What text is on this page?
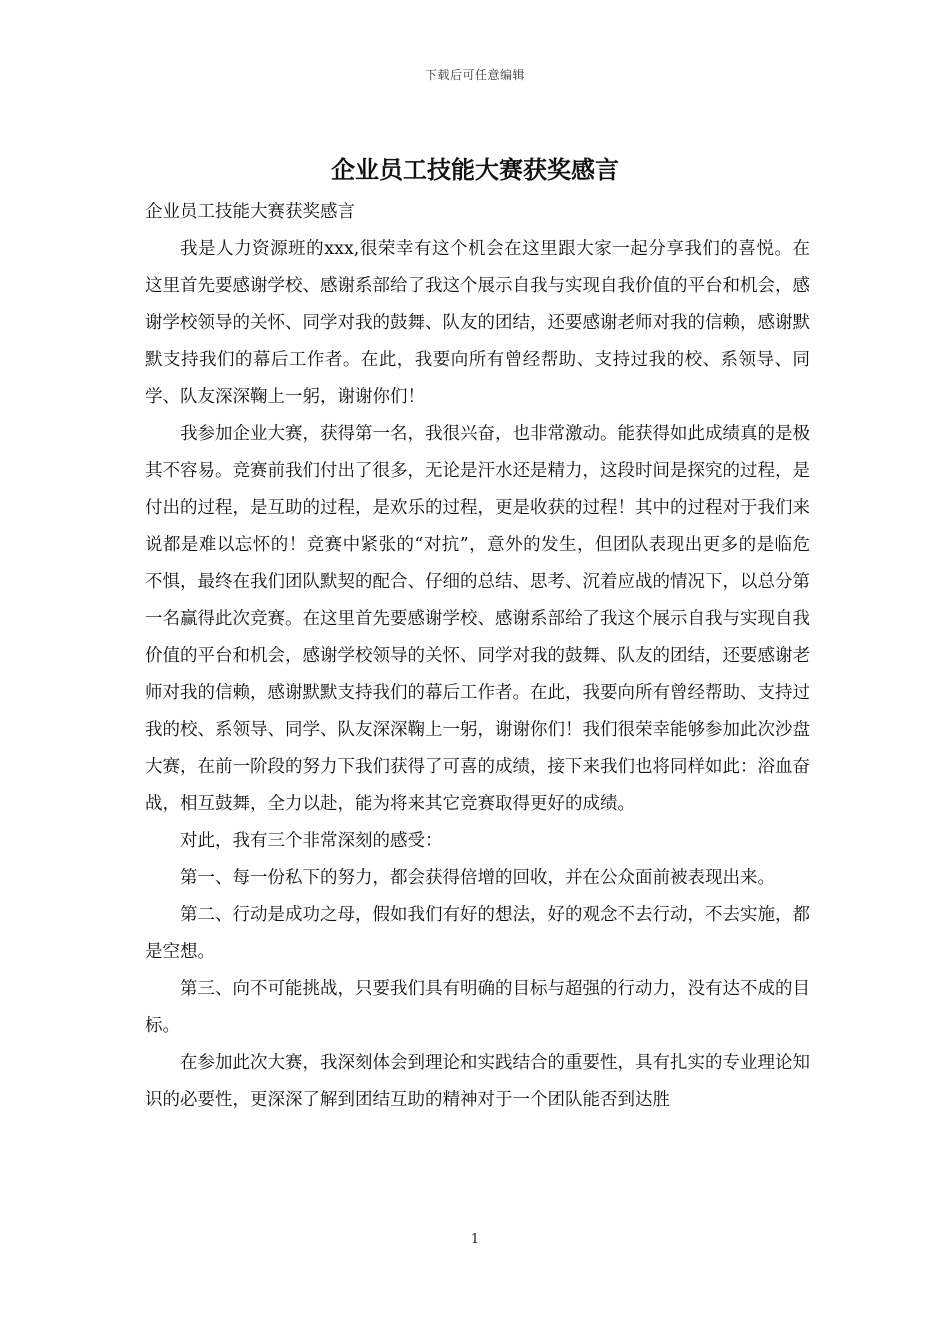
下载后可任意编辑
企业员工技能大赛获奖感言

企业员工技能大赛获奖感言

我是人力资源班的xxx,很荣幸有这个机会在这里跟大家一起分享我们的喜悦。在这里首先要感谢学校、感谢系部给了我这个展示自我与实现自我价值的平台和机会，感谢学校领导的关怀、同学对我的鼓舞、队友的团结，还要感谢老师对我的信赖，感谢默默支持我们的幕后工作者。在此，我要向所有曾经帮助、支持过我的校、系领导、同学、队友深深鞠上一躬，谢谢你们！

我参加企业大赛，获得第一名，我很兴奋，也非常激动。能获得如此成绩真的是极其不容易。竞赛前我们付出了很多，无论是汗水还是精力，这段时间是探究的过程，是付出的过程，是互助的过程，是欢乐的过程，更是收获的过程！其中的过程对于我们来说都是难以忘怀的！竞赛中紧张的“对抗”，意外的发生，但团队表现出更多的是临危不惧，最终在我们团队默契的配合、仔细的总结、思考、沉着应战的情况下，以总分第一名赢得此次竞赛。在这里首先要感谢学校、感谢系部给了我这个展示自我与实现自我价值的平台和机会，感谢学校领导的关怀、同学对我的鼓舞、队友的团结，还要感谢老师对我的信赖，感谢默默支持我们的幕后工作者。在此，我要向所有曾经帮助、支持过我的校、系领导、同学、队友深深鞠上一躬，谢谢你们！我们很荣幸能够参加此次沙盘大赛，在前一阶段的努力下我们获得了可喜的成绩，接下来我们也将同样如此：浴血奋战，相互鼓舞，全力以赴，能为将来其它竞赛取得更好的成绩。

对此，我有三个非常深刻的感受：

第一、每一份私下的努力，都会获得倍增的回收，并在公众面前被表现出来。

第二、行动是成功之母，假如我们有好的想法，好的观念不去行动，不去实施，都是空想。

第三、向不可能挑战，只要我们具有明确的目标与超强的行动力，没有达不成的目标。

在参加此次大赛，我深刻体会到理论和实践结合的重要性，具有扎实的专业理论知识的必要性，更深深了解到团结互助的精神对于一个团队能否到达胜

1
